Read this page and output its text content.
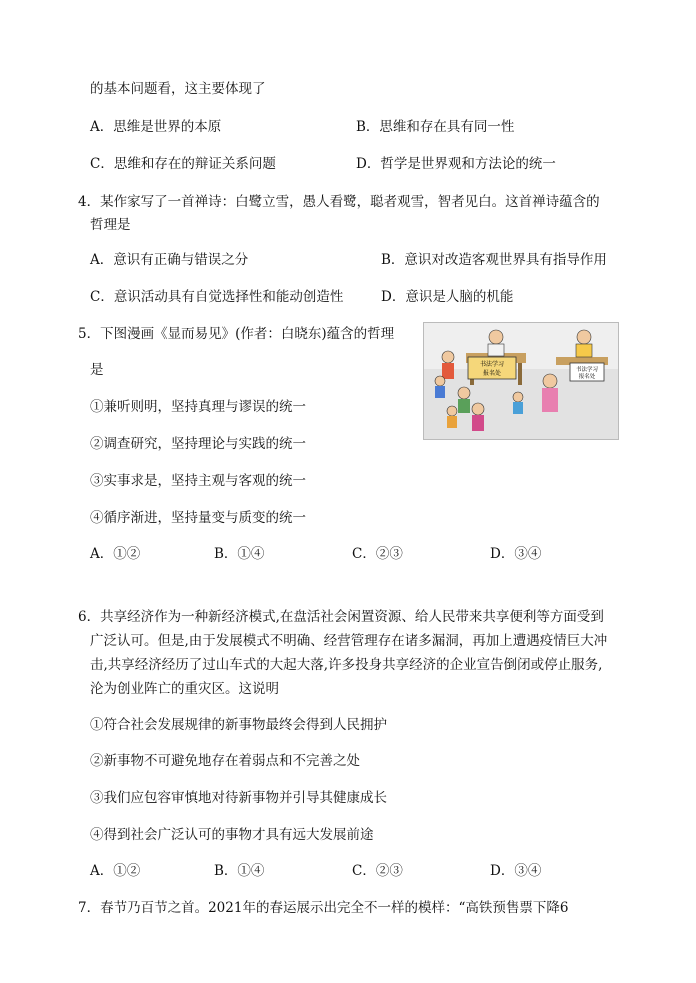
的基本问题看，这主要体现了
A．思维是世界的本原	B．思维和存在具有同一性
C．思维和存在的辩证关系问题	D．哲学是世界观和方法论的统一
4．某作家写了一首禅诗：白鹭立雪，愚人看鹭，聪者观雪，智者见白。这首禅诗蕴含的
哲理是
A．意识有正确与错误之分	B．意识对改造客观世界具有指导作用
C．意识活动具有自觉选择性和能动创造性	D．意识是人脑的机能
5．下图漫画《显而易见》(作者：白晓东)蕴含的哲理
是
①兼听则明，坚持真理与谬误的统一
②调查研究，坚持理论与实践的统一
③实事求是，坚持主观与客观的统一
④循序渐进，坚持量变与质变的统一
A．①②	B．①④	C．②③	D．③④
书法学习
报名处	书法学习
报名处
6．共享经济作为一种新经济模式,在盘活社会闲置资源、给人民带来共享便利等方面受到
广泛认可。但是,由于发展模式不明确、经营管理存在诸多漏洞，再加上遭遇疫情巨大冲
击,共享经济经历了过山车式的大起大落,许多投身共享经济的企业宣告倒闭或停止服务,
沦为创业阵亡的重灾区。这说明
①符合社会发展规律的新事物最终会得到人民拥护
②新事物不可避免地存在着弱点和不完善之处
③我们应包容审慎地对待新事物并引导其健康成长
④得到社会广泛认可的事物才具有远大发展前途
A．①②	B．①④	C．②③	D．③④
7．春节乃百节之首。2021年的春运展示出完全不一样的模样：“高铁预售票下降6
